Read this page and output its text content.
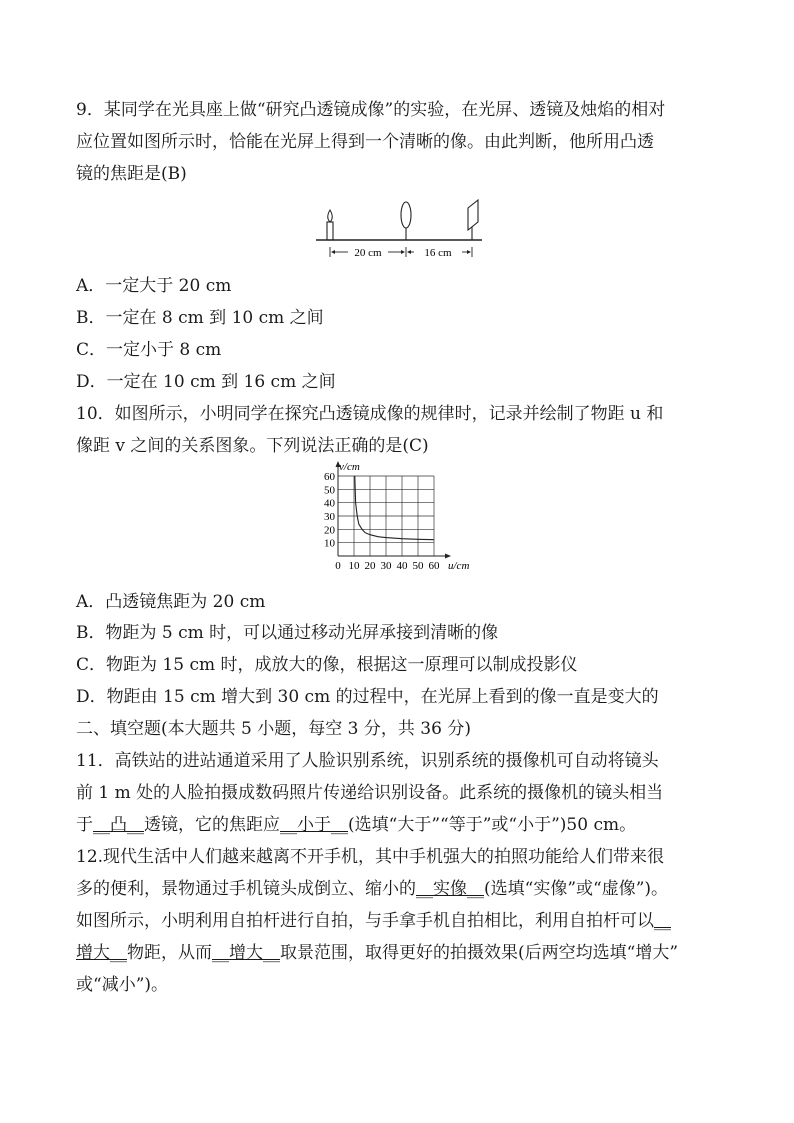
9．某同学在光具座上做“研究凸透镜成像”的实验，在光屏、透镜及烛焰的相对
应位置如图所示时，恰能在光屏上得到一个清晰的像。由此判断，他所用凸透
镜的焦距是(B)
20 cm	16 cm
A．一定大于 20 cm
B．一定在 8 cm 到 10 cm 之间
C．一定小于 8 cm
D．一定在 10 cm 到 16 cm 之间
10．如图所示，小明同学在探究凸透镜成像的规律时，记录并绘制了物距 u 和
像距 v 之间的关系图象。下列说法正确的是(C)
0 10 20 30 40 50 60
10
20
30
40
50
60
u/cm
v/cm
A．凸透镜焦距为 20 cm
B．物距为 5 cm 时，可以通过移动光屏承接到清晰的像
C．物距为 15 cm 时，成放大的像，根据这一原理可以制成投影仪
D．物距由 15 cm 增大到 30 cm 的过程中，在光屏上看到的像一直是变大的
二、填空题(本大题共 5 小题，每空 3 分，共 36 分)
11．高铁站的进站通道采用了人脸识别系统，识别系统的摄像机可自动将镜头
前 1 m 处的人脸拍摄成数码照片传递给识别设备。此系统的摄像机的镜头相当
于__凸__透镜，它的焦距应__小于__(选填“大于”“等于”或“小于”)50 cm。
12.现代生活中人们越来越离不开手机，其中手机强大的拍照功能给人们带来很
多的便利，景物通过手机镜头成倒立、缩小的__实像__(选填“实像”或“虚像”)。
如图所示，小明利用自拍杆进行自拍，与手拿手机自拍相比，利用自拍杆可以__
增大__物距，从而__增大__取景范围，取得更好的拍摄效果(后两空均选填“增大”
或“减小”)。
